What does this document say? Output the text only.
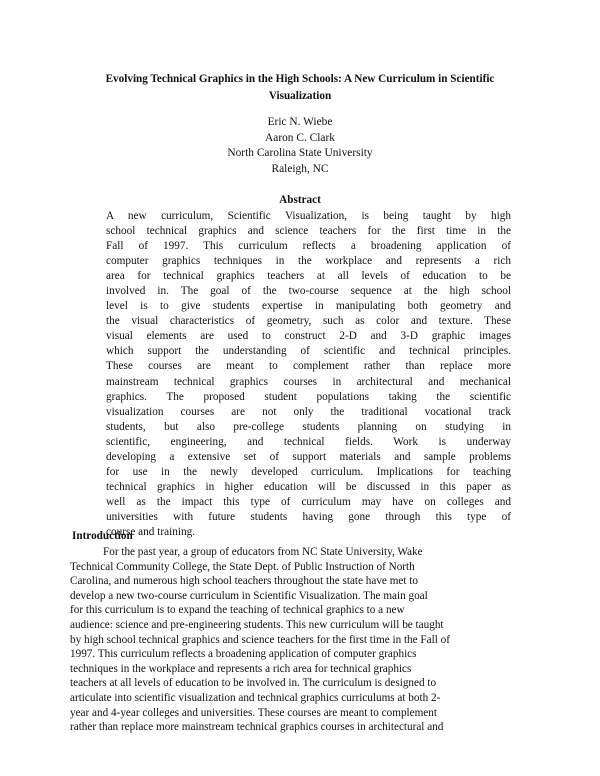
Evolving Technical Graphics in the High Schools: A New Curriculum in Scientific
Visualization
Eric N. Wiebe
Aaron C. Clark
North Carolina State University
Raleigh, NC
Abstract
A new curriculum, Scientific Visualization, is being taught by high
school technical graphics and science teachers for the first time in the
Fall of 1997. This curriculum reflects a broadening application of
computer graphics techniques in the workplace and represents a rich
area for technical graphics teachers at all levels of education to be
involved in. The goal of the two-course sequence at the high school
level is to give students expertise in manipulating both geometry and
the visual characteristics of geometry, such as color and texture. These
visual elements are used to construct 2-D and 3-D graphic images
which support the understanding of scientific and technical principles.
These courses are meant to complement rather than replace more
mainstream technical graphics courses in architectural and mechanical
graphics. The proposed student populations taking the scientific
visualization courses are not only the traditional vocational track
students, but also pre-college students planning on studying in
scientific, engineering, and technical fields. Work is underway
developing a extensive set of support materials and sample problems
for use in the newly developed curriculum. Implications for teaching
technical graphics in higher education will be discussed in this paper as
well as the impact this type of curriculum may have on colleges and
universities with future students having gone through this type of
course and training.
Introduction
For the past year, a group of educators from NC State University, Wake
Technical Community College, the State Dept. of Public Instruction of North
Carolina, and numerous high school teachers throughout the state have met to
develop a new two-course curriculum in Scientific Visualization. The main goal
for this curriculum is to expand the teaching of technical graphics to a new
audience: science and pre-engineering students. This new curriculum will be taught
by high school technical graphics and science teachers for the first time in the Fall of
1997. This curriculum reflects a broadening application of computer graphics
techniques in the workplace and represents a rich area for technical graphics
teachers at all levels of education to be involved in. The curriculum is designed to
articulate into scientific visualization and technical graphics curriculums at both 2-
year and 4-year colleges and universities. These courses are meant to complement
rather than replace more mainstream technical graphics courses in architectural and
